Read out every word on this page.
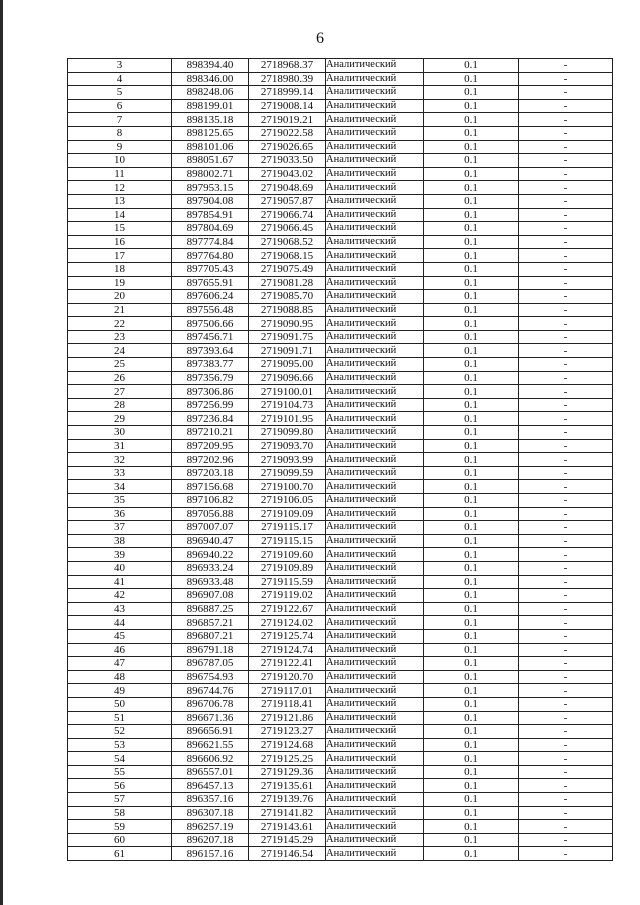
6
3	898394.40	2718968.37	Аналитический	0.1	-
4	898346.00	2718980.39	Аналитический	0.1	-
5	898248.06	2718999.14	Аналитический	0.1	-
6	898199.01	2719008.14	Аналитический	0.1	-
7	898135.18	2719019.21	Аналитический	0.1	-
8	898125.65	2719022.58	Аналитический	0.1	-
9	898101.06	2719026.65	Аналитический	0.1	-
10	898051.67	2719033.50	Аналитический	0.1	-
11	898002.71	2719043.02	Аналитический	0.1	-
12	897953.15	2719048.69	Аналитический	0.1	-
13	897904.08	2719057.87	Аналитический	0.1	-
14	897854.91	2719066.74	Аналитический	0.1	-
15	897804.69	2719066.45	Аналитический	0.1	-
16	897774.84	2719068.52	Аналитический	0.1	-
17	897764.80	2719068.15	Аналитический	0.1	-
18	897705.43	2719075.49	Аналитический	0.1	-
19	897655.91	2719081.28	Аналитический	0.1	-
20	897606.24	2719085.70	Аналитический	0.1	-
21	897556.48	2719088.85	Аналитический	0.1	-
22	897506.66	2719090.95	Аналитический	0.1	-
23	897456.71	2719091.75	Аналитический	0.1	-
24	897393.64	2719091.71	Аналитический	0.1	-
25	897383.77	2719095.00	Аналитический	0.1	-
26	897356.79	2719096.66	Аналитический	0.1	-
27	897306.86	2719100.01	Аналитический	0.1	-
28	897256.99	2719104.73	Аналитический	0.1	-
29	897236.84	2719101.95	Аналитический	0.1	-
30	897210.21	2719099.80	Аналитический	0.1	-
31	897209.95	2719093.70	Аналитический	0.1	-
32	897202.96	2719093.99	Аналитический	0.1	-
33	897203.18	2719099.59	Аналитический	0.1	-
34	897156.68	2719100.70	Аналитический	0.1	-
35	897106.82	2719106.05	Аналитический	0.1	-
36	897056.88	2719109.09	Аналитический	0.1	-
37	897007.07	2719115.17	Аналитический	0.1	-
38	896940.47	2719115.15	Аналитический	0.1	-
39	896940.22	2719109.60	Аналитический	0.1	-
40	896933.24	2719109.89	Аналитический	0.1	-
41	896933.48	2719115.59	Аналитический	0.1	-
42	896907.08	2719119.02	Аналитический	0.1	-
43	896887.25	2719122.67	Аналитический	0.1	-
44	896857.21	2719124.02	Аналитический	0.1	-
45	896807.21	2719125.74	Аналитический	0.1	-
46	896791.18	2719124.74	Аналитический	0.1	-
47	896787.05	2719122.41	Аналитический	0.1	-
48	896754.93	2719120.70	Аналитический	0.1	-
49	896744.76	2719117.01	Аналитический	0.1	-
50	896706.78	2719118.41	Аналитический	0.1	-
51	896671.36	2719121.86	Аналитический	0.1	-
52	896656.91	2719123.27	Аналитический	0.1	-
53	896621.55	2719124.68	Аналитический	0.1	-
54	896606.92	2719125.25	Аналитический	0.1	-
55	896557.01	2719129.36	Аналитический	0.1	-
56	896457.13	2719135.61	Аналитический	0.1	-
57	896357.16	2719139.76	Аналитический	0.1	-
58	896307.18	2719141.82	Аналитический	0.1	-
59	896257.19	2719143.61	Аналитический	0.1	-
60	896207.18	2719145.29	Аналитический	0.1	-
61	896157.16	2719146.54	Аналитический	0.1	-
